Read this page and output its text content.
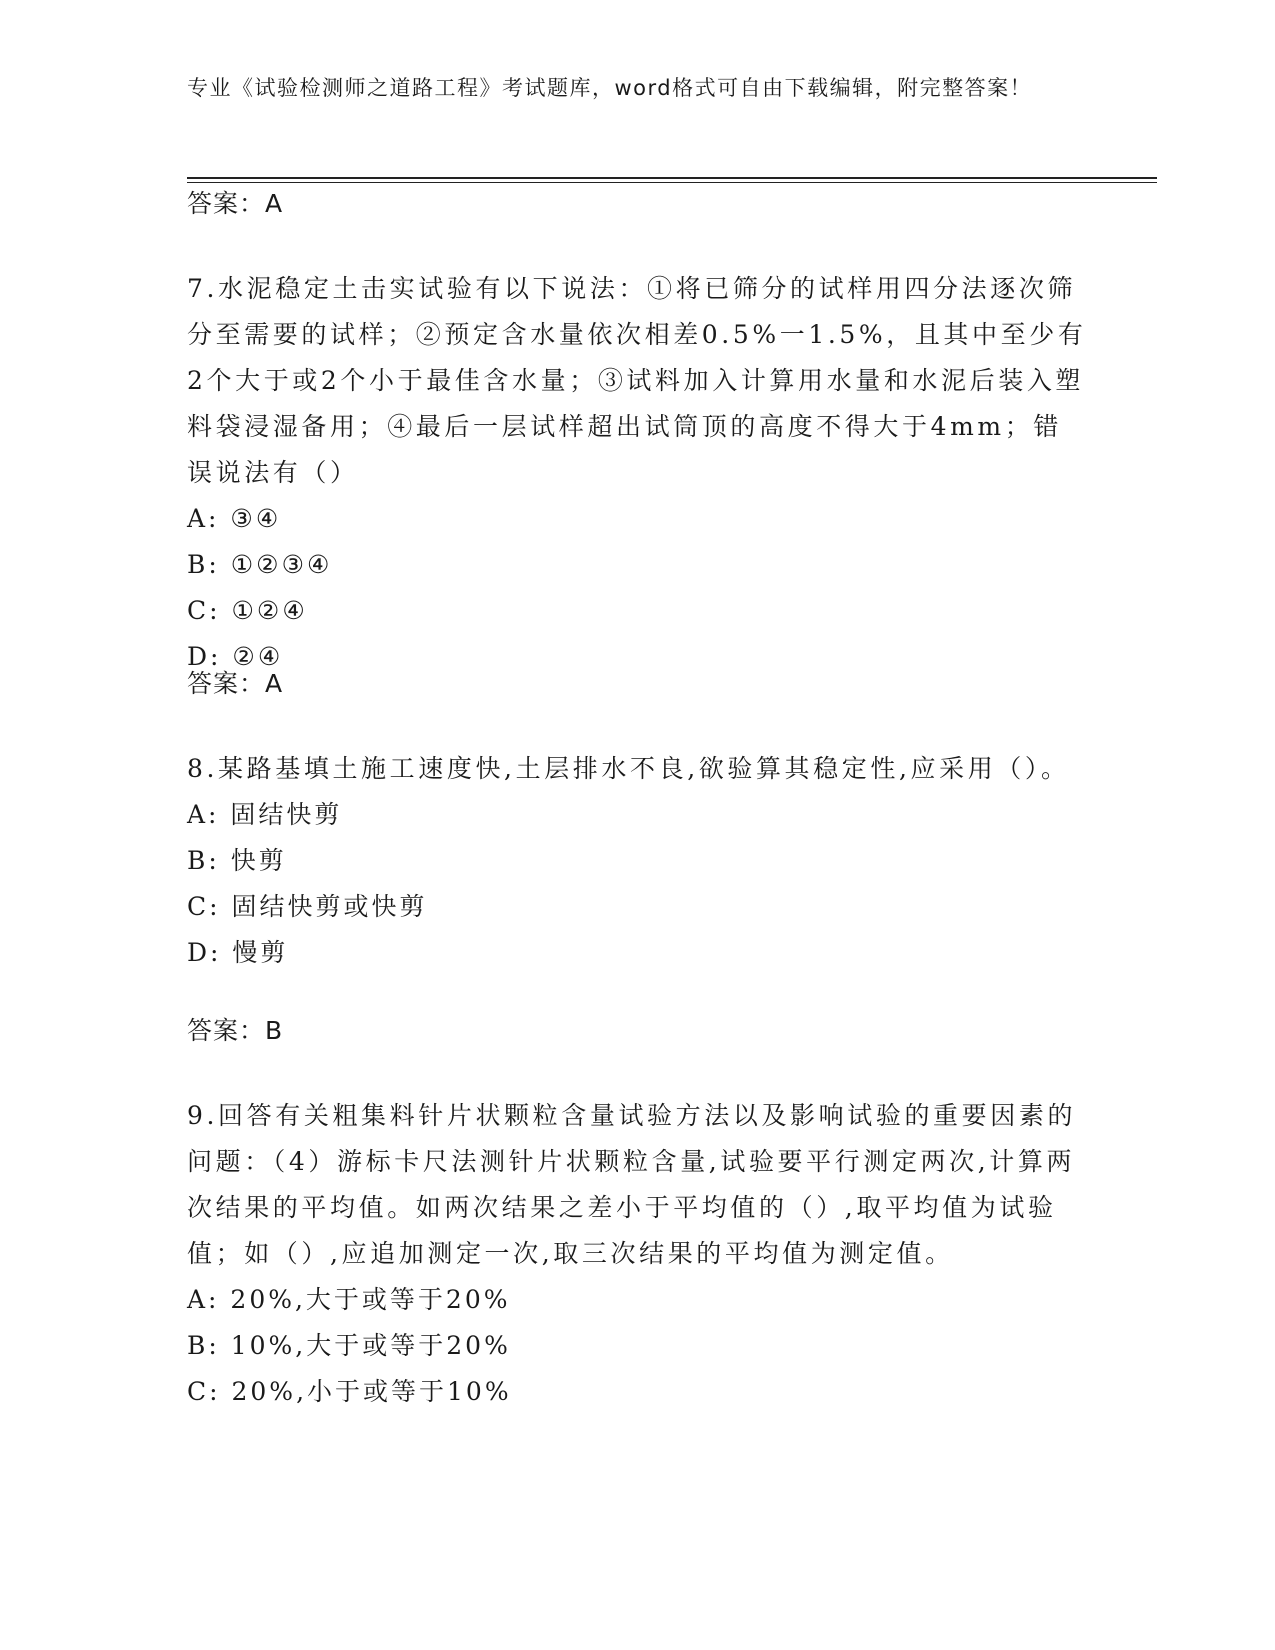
专业《试验检测师之道路工程》考试题库，word格式可自由下载编辑，附完整答案！
答案：A

7.水泥稳定土击实试验有以下说法：①将已筛分的试样用四分法逐次筛分至需要的试样；②预定含水量依次相差0.5%一1.5%，且其中至少有2个大于或2个小于最佳含水量；③试料加入计算用水量和水泥后装入塑料袋浸湿备用；④最后一层试样超出试筒顶的高度不得大于4mm；错误说法有（）

A: ③④

B: ①②③④

C: ①②④

D: ②④

答案：A

8.某路基填土施工速度快,土层排水不良,欲验算其稳定性,应采用（）。

A: 固结快剪

B: 快剪

C: 固结快剪或快剪

D: 慢剪

答案：B

9.回答有关粗集料针片状颗粒含量试验方法以及影响试验的重要因素的问题：（4）游标卡尺法测针片状颗粒含量,试验要平行测定两次,计算两次结果的平均值。如两次结果之差小于平均值的（）,取平均值为试验值；如（）,应追加测定一次,取三次结果的平均值为测定值。

A: 20%,大于或等于20%

B: 10%,大于或等于20%

C: 20%,小于或等于10%
